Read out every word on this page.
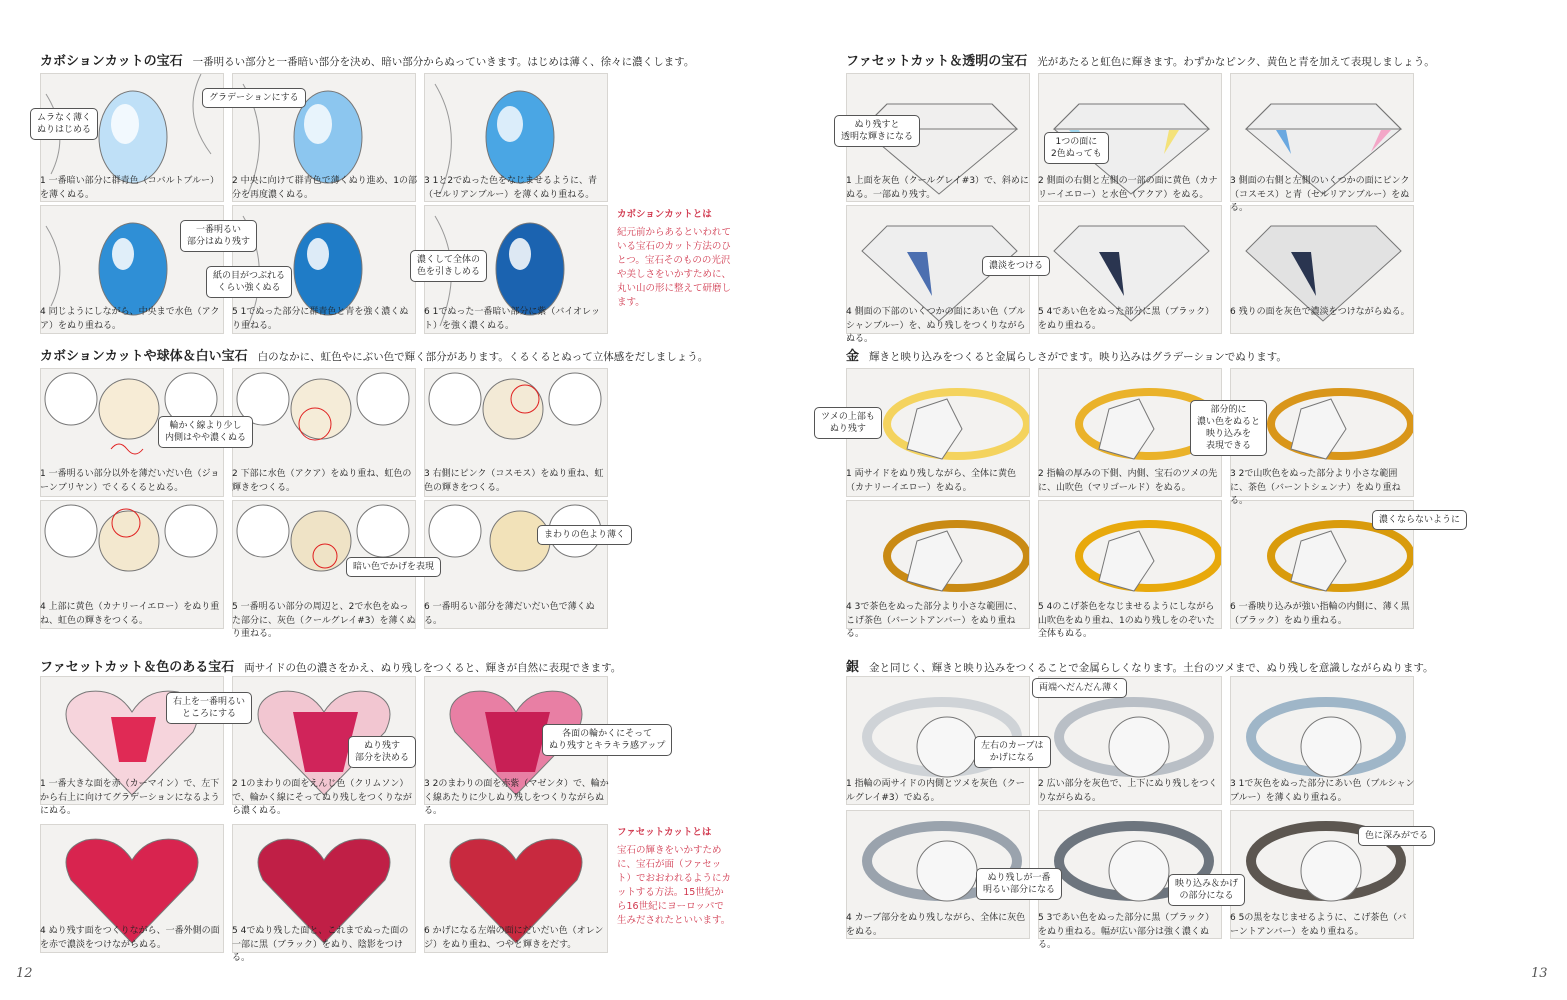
カボションカットの宝石 一番明るい部分と一番暗い部分を決め、暗い部分からぬっていきます。はじめは薄く、徐々に濃くします。
カボションカットや球体＆白い宝石 白のなかに、虹色やにぶい色で輝く部分があります。くるくるとぬって立体感をだしましょう。
ファセットカット＆色のある宝石 両サイドの色の濃さをかえ、ぬり残しをつくると、輝きが自然に表現できます。
ファセットカット＆透明の宝石 光があたると虹色に輝きます。わずかなピンク、黄色と青を加えて表現しましょう。
金 輝きと映り込みをつくると金属らしさがでます。映り込みはグラデーションでぬります。
銀 金と同じく、輝きと映り込みをつくることで金属らしくなります。土台のツメまで、ぬり残しを意識しながらぬります。
1 一番暗い部分に群青色（コバルトブルー）を薄くぬる。
2 中央に向けて群青色で薄くぬり進め、1の部分を再度濃くぬる。
3 1と2でぬった色をなじませるように、青（セルリアンブルー）を薄くぬり重ねる。
4 同じようにしながら、中央まで水色（アクア）をぬり重ねる。
5 1でぬった部分に群青色と青を強く濃くぬり重ねる。
6 1でぬった一番暗い部分に紫（バイオレット）を強く濃くぬる。
カボションカットとは
紀元前からあるといわれている宝石のカット方法のひとつ。宝石そのものの光沢や美しさをいかすために、丸い山の形に整えて研磨します。
1 一番明るい部分以外を薄だいだい色（ジョーンブリヤン）でくるくるとぬる。
2 下部に水色（アクア）をぬり重ね、虹色の輝きをつくる。
3 右側にピンク（コスモス）をぬり重ね、虹色の輝きをつくる。
4 上部に黄色（カナリーイエロー）をぬり重ね、虹色の輝きをつくる。
5 一番明るい部分の周辺と、2で水色をぬった部分に、灰色（クールグレイ#3）を薄くぬり重ねる。
6 一番明るい部分を薄だいだい色で薄くぬる。
1 一番大きな面を赤（カーマイン）で、左下から右上に向けてグラデーションになるようにぬる。
2 1のまわりの面をえんじ色（クリムソン）で、輪かく線にそってぬり残しをつくりながら濃くぬる。
3 2のまわりの面を赤紫（マゼンタ）で、輪かく線あたりに少しぬり残しをつくりながらぬる。
4 ぬり残す面をつくりながら、一番外側の面を赤で濃淡をつけながらぬる。
5 4でぬり残した面と、これまでぬった面の一部に黒（ブラック）をぬり、陰影をつける。
6 かげになる左端の面にだいだい色（オレンジ）をぬり重ね、つやと輝きをだす。
ファセットカットとは
宝石の輝きをいかすために、宝石が面（ファセット）でおおわれるようにカットする方法。15世紀から16世紀にヨーロッパで生みだされたといいます。
1 上面を灰色（クールグレイ#3）で、斜めにぬる。一部ぬり残す。
2 側面の右側と左側の一部の面に黄色（カナリーイエロー）と水色（アクア）をぬる。
3 側面の右側と左側のいくつかの面にピンク（コスモス）と青（セルリアンブルー）をぬる。
4 側面の下部のいくつかの面にあい色（ブルシャンブルー）を、ぬり残しをつくりながらぬる。
5 4であい色をぬった部分に黒（ブラック）をぬり重ねる。
6 残りの面を灰色で濃淡をつけながらぬる。
1 両サイドをぬり残しながら、全体に黄色（カナリーイエロー）をぬる。
2 指輪の厚みの下側、内側、宝石のツメの先に、山吹色（マリゴールド）をぬる。
3 2で山吹色をぬった部分より小さな範囲に、茶色（バーントシェンナ）をぬり重ねる。
4 3で茶色をぬった部分より小さな範囲に、こげ茶色（バーントアンバー）をぬり重ねる。
5 4のこげ茶色をなじませるようにしながら山吹色をぬり重ね、1のぬり残しをのぞいた全体もぬる。
6 一番映り込みが強い指輪の内側に、薄く黒（ブラック）をぬり重ねる。
1 指輪の両サイドの内側とツメを灰色（クールグレイ#3）でぬる。
2 広い部分を灰色で、上下にぬり残しをつくりながらぬる。
3 1で灰色をぬった部分にあい色（ブルシャンブルー）を薄くぬり重ねる。
4 カーブ部分をぬり残しながら、全体に灰色をぬる。
5 3であい色をぬった部分に黒（ブラック）をぬり重ねる。幅が広い部分は強く濃くぬる。
6 5の黒をなじませるように、こげ茶色（バーントアンバー）をぬり重ねる。
ムラなく薄く
ぬりはじめる
グラデーションにする
一番明るい
部分はぬり残す
紙の目がつぶれる
くらい強くぬる
濃くして全体の
色を引きしめる
輪かく線より少し
内側はやや濃くぬる
暗い色でかげを表現
まわりの色より薄く
右上を一番明るい
ところにする
ぬり残す
部分を決める
各面の輪かくにそって
ぬり残すとキラキラ感アップ
ぬり残すと
透明な輝きになる	1つの面に
2色ぬっても
濃淡をつける
ツメの上部も
ぬり残す
部分的に
濃い色をぬると
映り込みを
表現できる
濃くならないように
両端へだんだん薄く
左右のカーブは
かげになる
ぬり残しが一番
明るい部分になる
映り込み＆かげ
の部分になる
色に深みがでる
12	13
